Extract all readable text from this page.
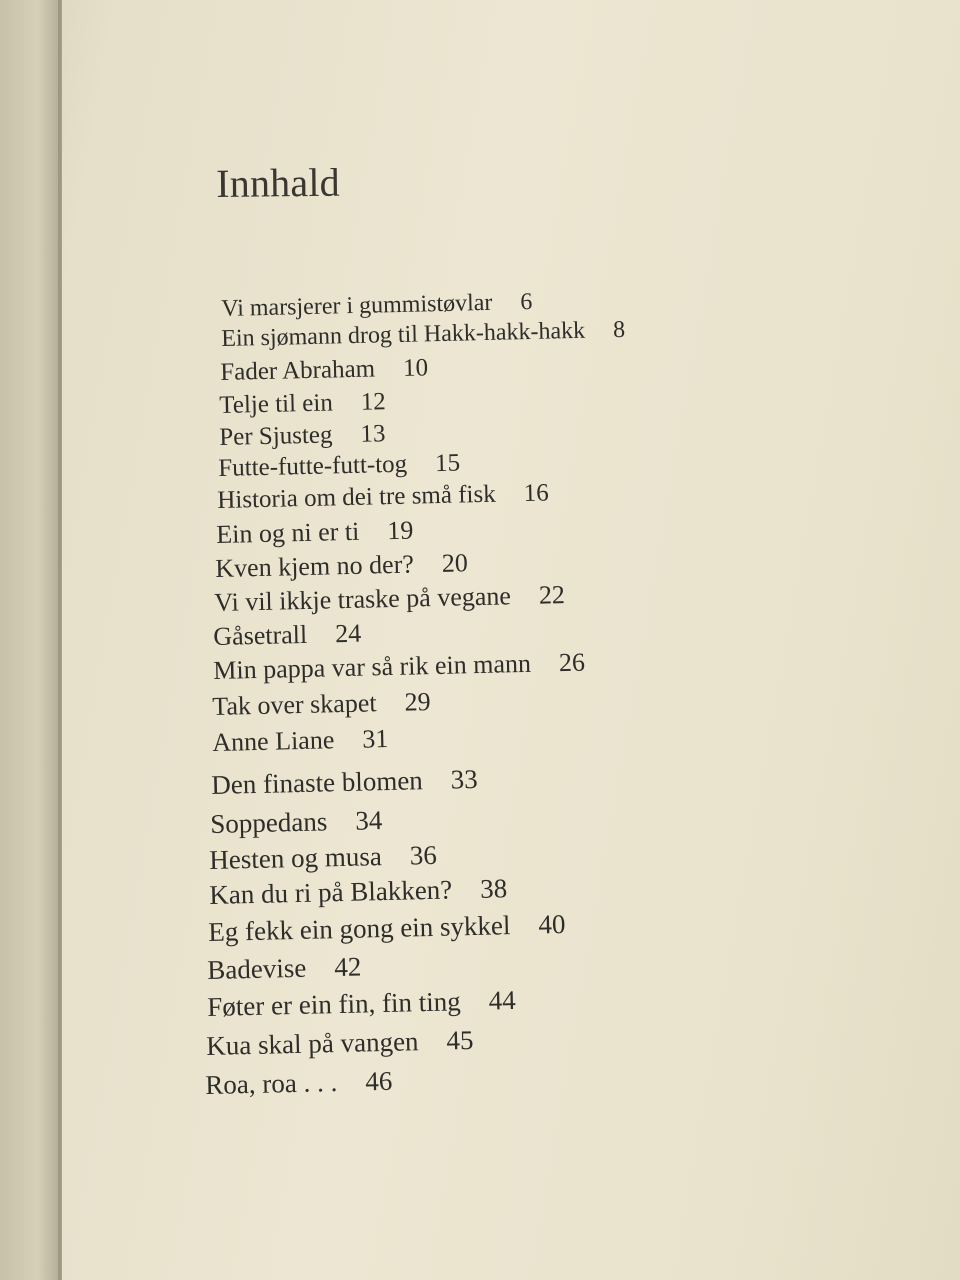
Innhald
Vi marsjerer i gummistøvlar 6
Ein sjømann drog til Hakk-hakk-hakk 8
Fader Abraham 10
Telje til ein 12
Per Sjusteg 13
Futte-futte-futt-tog 15
Historia om dei tre små fisk 16
Ein og ni er ti 19
Kven kjem no der? 20
Vi vil ikkje traske på vegane 22
Gåsetrall 24
Min pappa var så rik ein mann 26
Tak over skapet 29
Anne Liane 31
Den finaste blomen 33
Soppedans 34
Hesten og musa 36
Kan du ri på Blakken? 38
Eg fekk ein gong ein sykkel 40
Badevise 42
Føter er ein fin, fin ting 44
Kua skal på vangen 45
Roa, roa . . . 46
